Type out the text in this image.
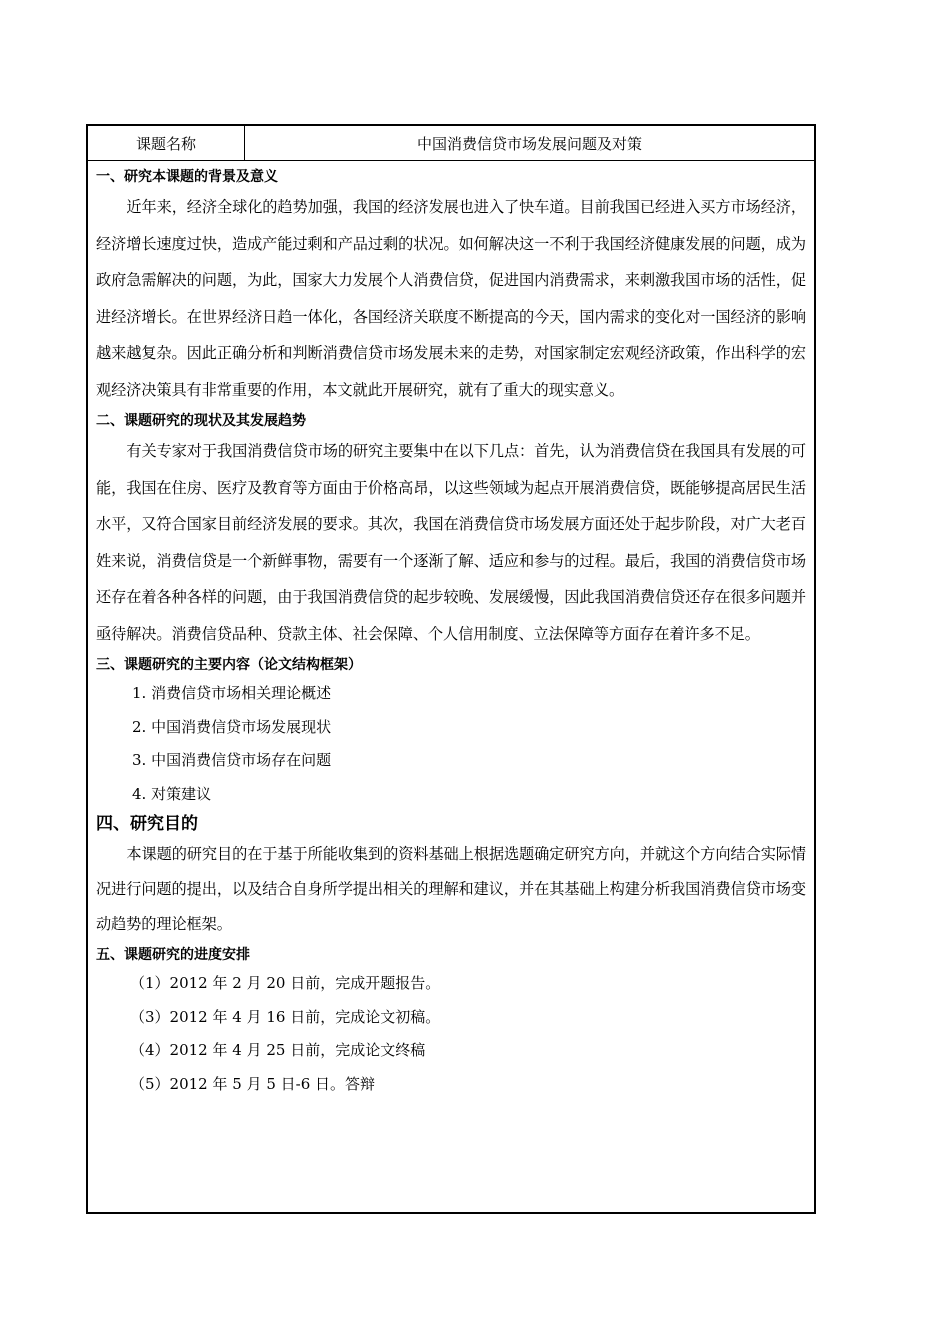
课题名称	中国消费信贷市场发展问题及对策

一、研究本课题的背景及意义

近年来，经济全球化的趋势加强，我国的经济发展也进入了快车道。目前我国已经进入买方市场经济，经济增长速度过快，造成产能过剩和产品过剩的状况。如何解决这一不利于我国经济健康发展的问题，成为政府急需解决的问题，为此，国家大力发展个人消费信贷，促进国内消费需求，来刺激我国市场的活性，促进经济增长。在世界经济日趋一体化，各国经济关联度不断提高的今天，国内需求的变化对一国经济的影响越来越复杂。因此正确分析和判断消费信贷市场发展未来的走势，对国家制定宏观经济政策，作出科学的宏观经济决策具有非常重要的作用，本文就此开展研究，就有了重大的现实意义。

二、课题研究的现状及其发展趋势

有关专家对于我国消费信贷市场的研究主要集中在以下几点：首先，认为消费信贷在我国具有发展的可能，我国在住房、医疗及教育等方面由于价格高昂，以这些领域为起点开展消费信贷，既能够提高居民生活水平，又符合国家目前经济发展的要求。其次，我国在消费信贷市场发展方面还处于起步阶段，对广大老百姓来说，消费信贷是一个新鲜事物，需要有一个逐渐了解、适应和参与的过程。最后，我国的消费信贷市场还存在着各种各样的问题，由于我国消费信贷的起步较晚、发展缓慢，因此我国消费信贷还存在很多问题并亟待解决。消费信贷品种、贷款主体、社会保障、个人信用制度、立法保障等方面存在着许多不足。

三、课题研究的主要内容（论文结构框架）

1. 消费信贷市场相关理论概述

2. 中国消费信贷市场发展现状

3. 中国消费信贷市场存在问题

4. 对策建议

四、研究目的

本课题的研究目的在于基于所能收集到的资料基础上根据选题确定研究方向，并就这个方向结合实际情况进行问题的提出，以及结合自身所学提出相关的理解和建议，并在其基础上构建分析我国消费信贷市场变动趋势的理论框架。

五、课题研究的进度安排

（1）2012 年 2 月 20 日前，完成开题报告。

（3）2012 年 4 月 16 日前，完成论文初稿。

（4）2012 年 4 月 25 日前，完成论文终稿

（5）2012 年 5 月 5 日-6 日。答辩
